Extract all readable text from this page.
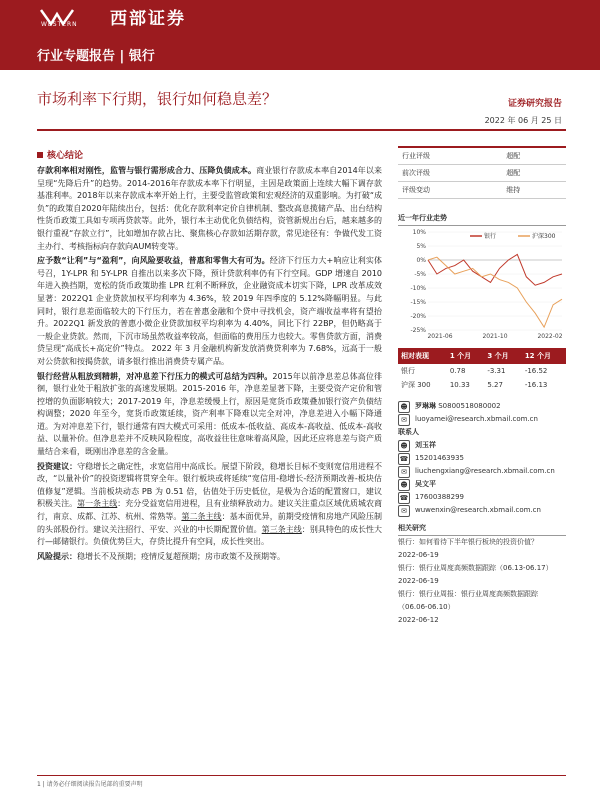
WESTERN 西部证券
行业专题报告 | 银行
市场利率下行期，银行如何稳息差？	证券研究报告
2022 年 06 月 25 日
核心结论

存款利率相对刚性，监管与银行需形成合力、压降负债成本。商业银行存款成本率自2014年以来呈现“先降后升”的趋势。2014-2016年存款成本率下行明显，主因是政策面上连续大幅下调存款基准利率。2018年以来存款成本率开始上行，主要受监管政策和宏观经济的双重影响。为打破“成负”的政策自2020年陆续出台，包括：优化存款利率定价自律机制、整改高息揽储产品、出台结构性货币政策工具如专项再贷款等。此外，银行本主动优化负债结构，资管新规出台后，越来越多的银行重视“存款立行”，比如增加存款占比、聚焦核心存款如活期存款，常见途径有：争做代发工资主办行、考核指标向存款向AUM转变等。

应予数“让利”与“盈利”，向风险要收益，普惠和零售大有可为。经济下行压力大+响应让利实体号召，1Y-LPR 和 5Y-LPR 自推出以来多次下降，预计贷款利率仍有下行空间。GDP 增速自 2010 年进入换挡期，宽松的货币政策助推 LPR 红利不断释放，企业融资成本切实下降，LPR 改革成效显著：2022Q1 企业贷款加权平均利率为 4.36%，较 2019 年四季度的 5.12%降幅明显。与此同时，银行息差面临较大的下行压力，若在普惠金融和个贷中寻找机会，资产端收益率将有望抬升。2022Q1 新发放的普惠小微企业贷款加权平均利率为 4.40%，同比下行 22BP，但仍略高于一般企业贷款。然而，下沉市场虽然收益率较高，但面临的费用压力也较大。零售贷款方面，消费贷呈现“高成长+高定价”特点。 2022 年 3 月金融机构新发放消费贷利率为 7.68%，远高于一般对公贷款和按揭贷款，请多银行推出消费贷专属产品。

银行经营从粗放到精耕，对冲息差下行压力的模式可总结为四种。2015年以前净息差总体高位徘徊，银行业处于粗放扩张的高速发展期。2015-2016 年，净息差显著下降，主要受资产定价和管控增的负面影响较大；2017-2019 年，净息差缓慢上行，原因是宽货币政策叠加银行资产负债结构调整；2020 年至今，宽货币政策延续，资产利率下降难以完全对冲，净息差进入小幅下降通道。为对冲息差下行，银行通常有四大模式可采用：低成本-低收益、高成本-高收益、低成本-高收益、以量补价。但净息差并不反映风险程度，高收益往往意味着高风险，因此还应将息差与资产质量结合来看，既刚出净息差的含金量。

投资建议：守稳增长之确定性，求宽信用中高成长。展望下阶段，稳增长目标不变则宽信用进程不改，“以量补价”的投资逻辑将贯穿全年。银行板块或将延续“宽信用-稳增长-经济预期改善-板块估值修复”逻辑。当前板块动态 PB 为 0.51 倍，估值处于历史低位，是极为合适的配置窗口，建议积极关注。第一条主线：充分受益宽信用进程，且有业绩释放动力。建议关注重点区域优质城农商行，南京、成都、江苏、杭州、常熟等。第二条主线：基本面优异，前期受疫情和房地产风险压制的头部股份行。建议关注招行、平安、兴业的中长期配置价值。第三条主线：别具特色的成长性大行—邮储银行。负债优势巨大，存贷比提升有空间，成长性突出。

风险提示：稳增长不及预期；疫情反复超预期；房市政策不及预期等。

行业评级	超配
前次评级	超配
评级变动	维持
近一年行业走势
10%
5%
0%
-5%
-10%
-15%
-20%
-25%
2021-06	2021-10	2022-02
银行	沪深300
相对表现	1 个月	3 个月	12 个月
银行	0.78	-3.31	-16.52
沪深 300	10.33	5.27	-16.13
☻	罗琳琳
S0800518080002
✉	luoyamei@research.xbmail.com.cn
联系人
☻	刘玉祥
☎ 15201463935
✉	liuchengxiang@research.xbmail.com.cn
☻	吴文平
☎ 17600388299
✉	wuwenxin@research.xbmail.com.cn
相关研究
银行：如何看待下半年银行板块的投资价值？
2022-06-19
银行：银行业周度高频数据跟踪（06.13-06.17）
2022-06-19
银行：银行业周报：银行业周度高频数据跟踪（06.06-06.10）
2022-06-12
1 | 请务必仔细阅读报告尾部的重要声明
